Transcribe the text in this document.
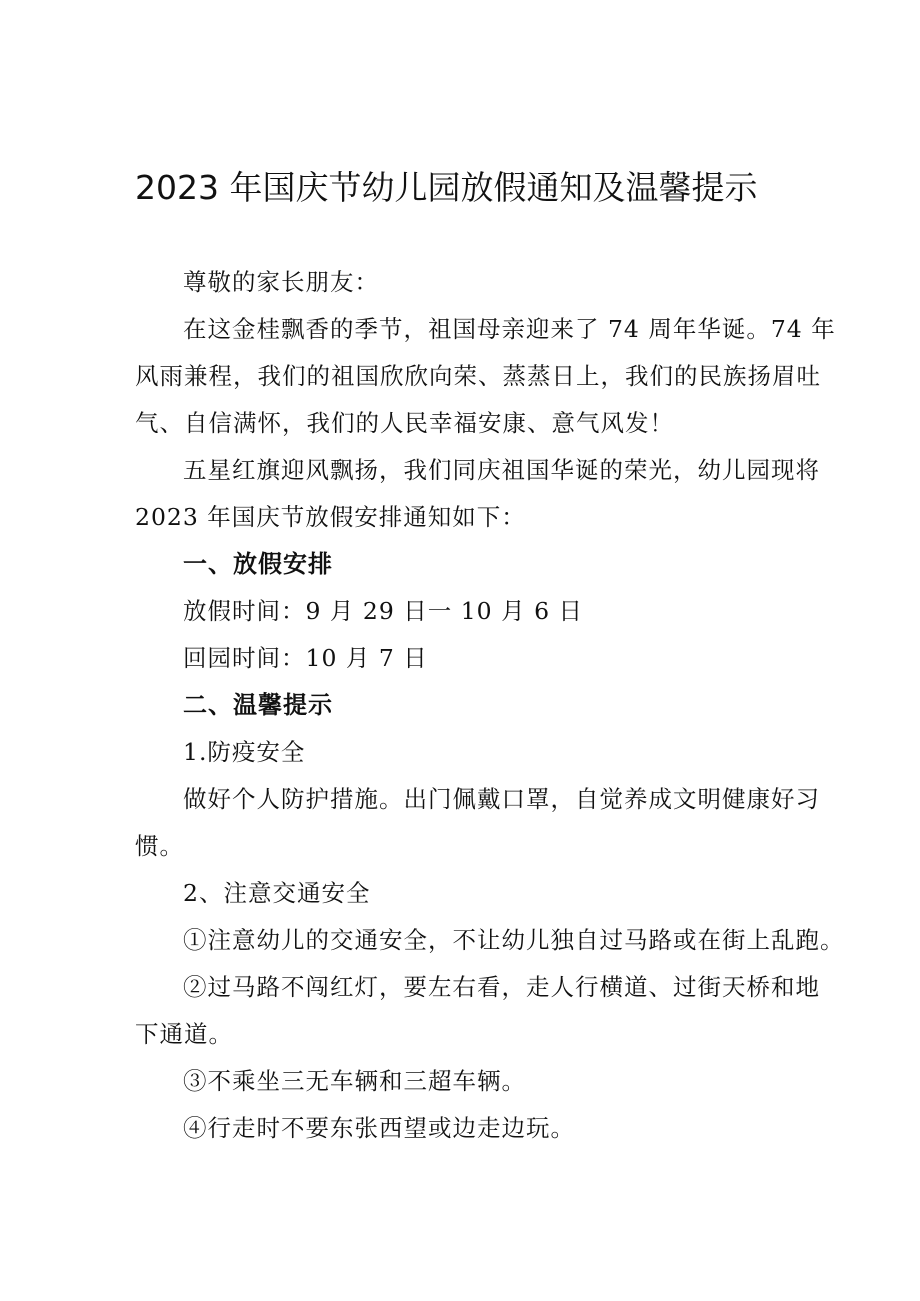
2023 年国庆节幼儿园放假通知及温馨提示

尊敬的家长朋友：

在这金桂飘香的季节，祖国母亲迎来了 74 周年华诞。74 年

风雨兼程，我们的祖国欣欣向荣、蒸蒸日上，我们的民族扬眉吐

气、自信满怀，我们的人民幸福安康、意气风发！

五星红旗迎风飘扬，我们同庆祖国华诞的荣光，幼儿园现将

2023 年国庆节放假安排通知如下：

一、放假安排

放假时间：9 月 29 日一 10 月 6 日

回园时间：10 月 7 日

二、温馨提示

1.防疫安全

做好个人防护措施。出门佩戴口罩，自觉养成文明健康好习

惯。

2、注意交通安全

①注意幼儿的交通安全，不让幼儿独自过马路或在街上乱跑。

②过马路不闯红灯，要左右看，走人行横道、过街天桥和地

下通道。

③不乘坐三无车辆和三超车辆。

④行走时不要东张西望或边走边玩。
